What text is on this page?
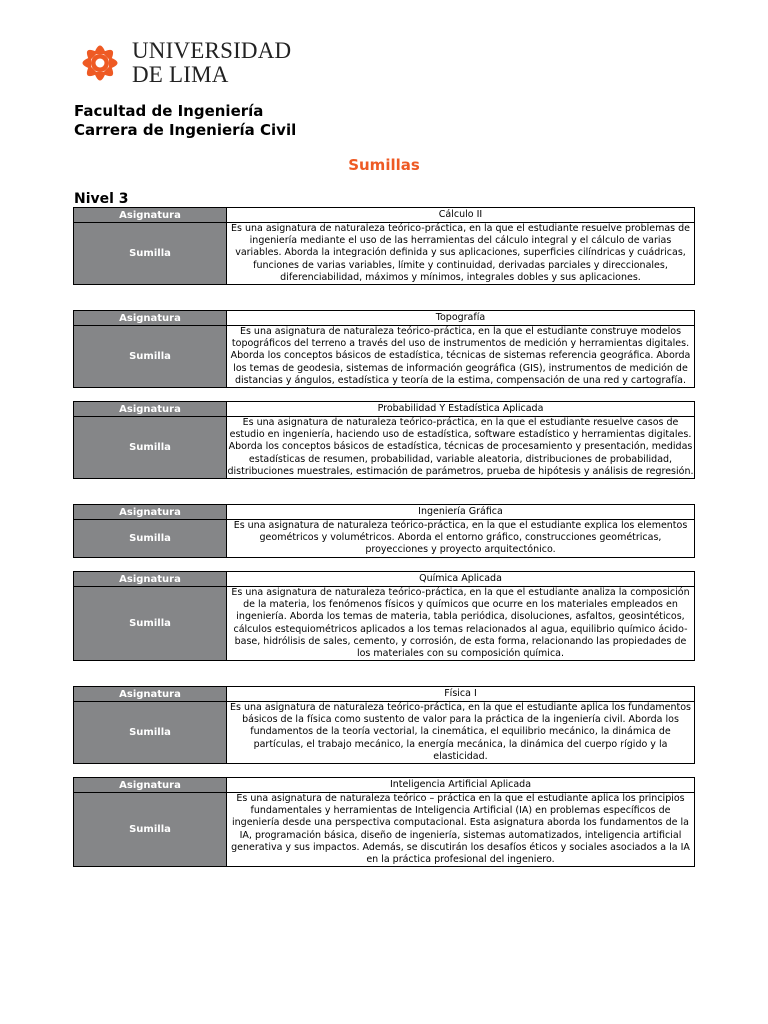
UNIVERSIDAD
DE LIMA
Facultad de Ingeniería
Carrera de Ingeniería Civil
Sumillas
Nivel 3
Asignatura	Cálculo II
Sumilla	Es una asignatura de naturaleza teórico-práctica, en la que el estudiante resuelve problemas de ingeniería mediante el uso de las herramientas del cálculo integral y el cálculo de varias variables. Aborda la integración definida y sus aplicaciones, superficies cilíndricas y cuádricas, funciones de varias variables, límite y continuidad, derivadas parciales y direccionales, diferenciabilidad, máximos y mínimos, integrales dobles y sus aplicaciones.
Asignatura	Topografía
Sumilla	Es una asignatura de naturaleza teórico-práctica, en la que el estudiante construye modelos topográficos del terreno a través del uso de instrumentos de medición y herramientas digitales. Aborda los conceptos básicos de estadística, técnicas de sistemas referencia geográfica. Aborda los temas de geodesia, sistemas de información geográfica (GIS), instrumentos de medición de distancias y ángulos, estadística y teoría de la estima, compensación de una red y cartografía.
Asignatura	Probabilidad Y Estadística Aplicada
Sumilla	Es una asignatura de naturaleza teórico-práctica, en la que el estudiante resuelve casos de estudio en ingeniería, haciendo uso de estadística, software estadístico y herramientas digitales. Aborda los conceptos básicos de estadística, técnicas de procesamiento y presentación, medidas estadísticas de resumen, probabilidad, variable aleatoria, distribuciones de probabilidad, distribuciones muestrales, estimación de parámetros, prueba de hipótesis y análisis de regresión.
Asignatura	Ingeniería Gráfica
Sumilla	Es una asignatura de naturaleza teórico-práctica, en la que el estudiante explica los elementos geométricos y volumétricos. Aborda el entorno gráfico, construcciones geométricas, proyecciones y proyecto arquitectónico.
Asignatura	Química Aplicada
Sumilla	Es una asignatura de naturaleza teórico-práctica, en la que el estudiante analiza la composición de la materia, los fenómenos físicos y químicos que ocurre en los materiales empleados en ingeniería. Aborda los temas de materia, tabla periódica, disoluciones, asfaltos, geosintéticos, cálculos estequiométricos aplicados a los temas relacionados al agua, equilibrio químico ácido-base, hidrólisis de sales, cemento, y corrosión, de esta forma, relacionando las propiedades de los materiales con su composición química.
Asignatura	Física I
Sumilla	Es una asignatura de naturaleza teórico-práctica, en la que el estudiante aplica los fundamentos básicos de la física como sustento de valor para la práctica de la ingeniería civil. Aborda los fundamentos de la teoría vectorial, la cinemática, el equilibrio mecánico, la dinámica de partículas, el trabajo mecánico, la energía mecánica, la dinámica del cuerpo rígido y la elasticidad.
Asignatura	Inteligencia Artificial Aplicada
Sumilla	Es una asignatura de naturaleza teórico – práctica en la que el estudiante aplica los principios fundamentales y herramientas de Inteligencia Artificial (IA) en problemas específicos de ingeniería desde una perspectiva computacional. Esta asignatura aborda los fundamentos de la IA, programación básica, diseño de ingeniería, sistemas automatizados, inteligencia artificial generativa y sus impactos. Además, se discutirán los desafíos éticos y sociales asociados a la IA en la práctica profesional del ingeniero.
